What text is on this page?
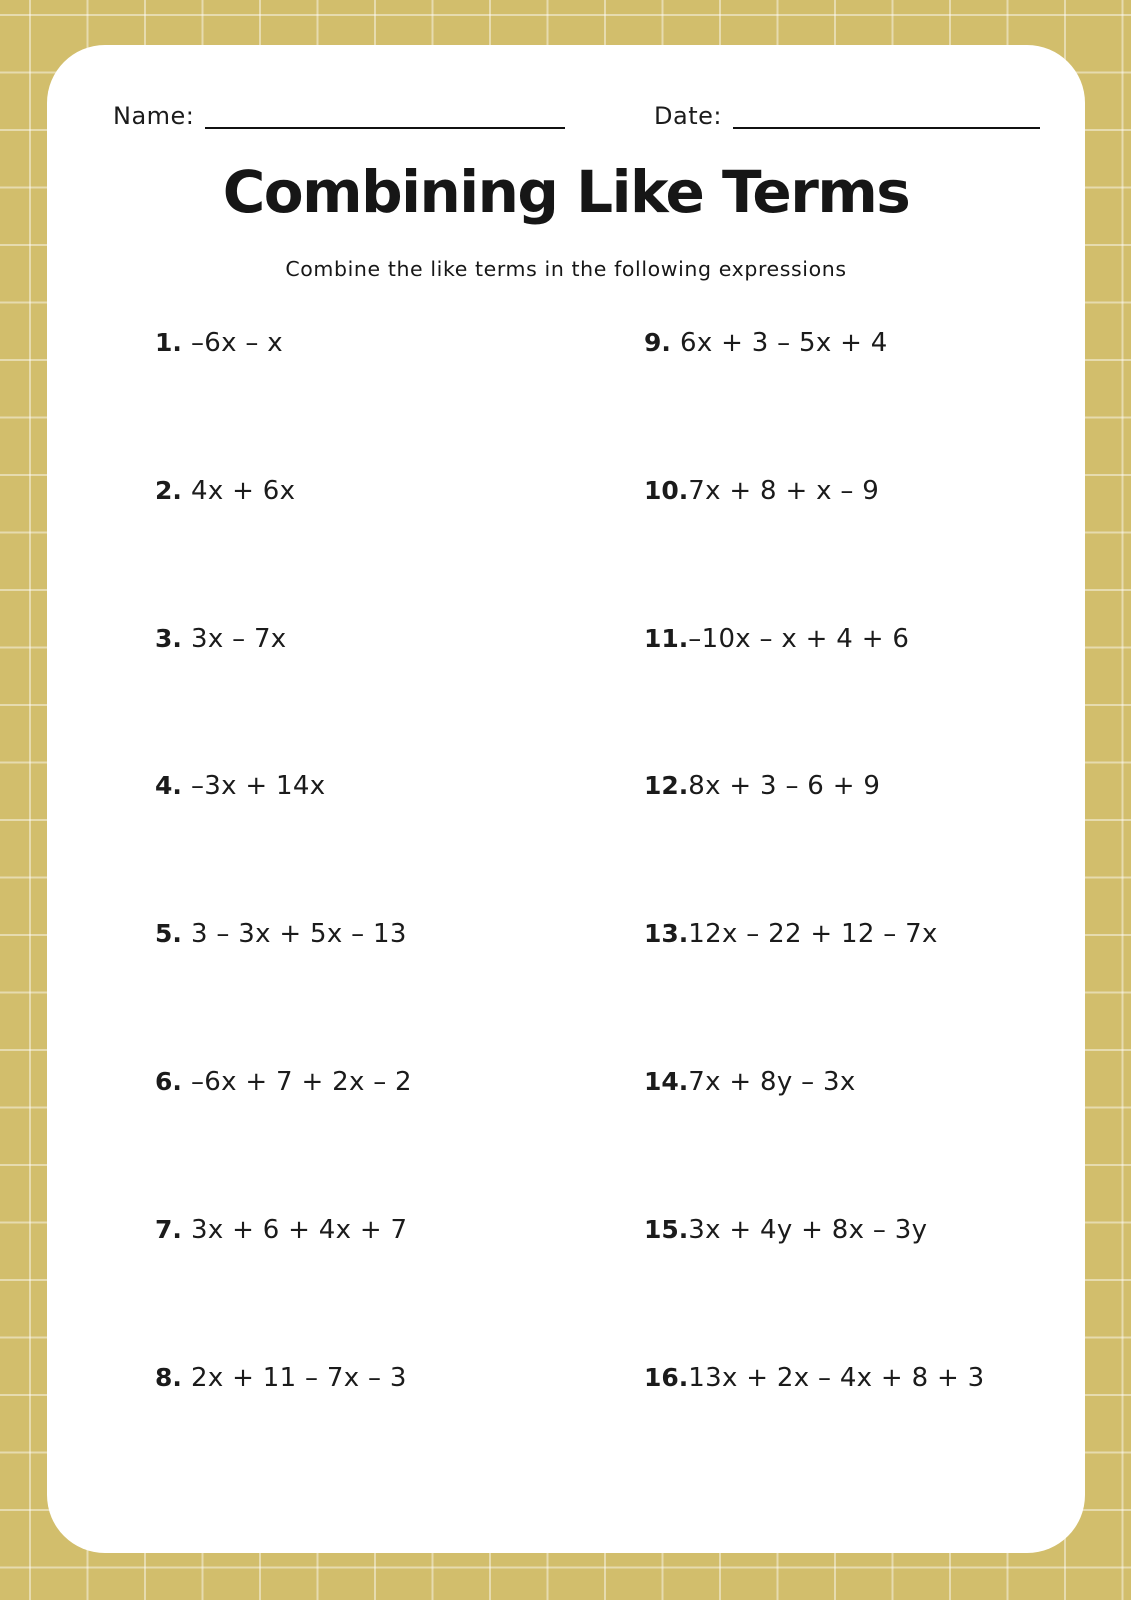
Name:	Date:
Combining Like Terms
Combine the like terms in the following expressions
1. –6x – x
2. 4x + 6x
3. 3x – 7x
4. –3x + 14x
5. 3 – 3x + 5x – 13
6. –6x + 7 + 2x – 2
7. 3x + 6 + 4x + 7
8. 2x + 11 – 7x – 3
9. 6x + 3 – 5x + 4
10. 7x + 8 + x – 9
11. –10x – x + 4 + 6
12. 8x + 3 – 6 + 9
13. 12x – 22 + 12 – 7x
14. 7x + 8y – 3x
15. 3x + 4y + 8x – 3y
16. 13x + 2x – 4x + 8 + 3
